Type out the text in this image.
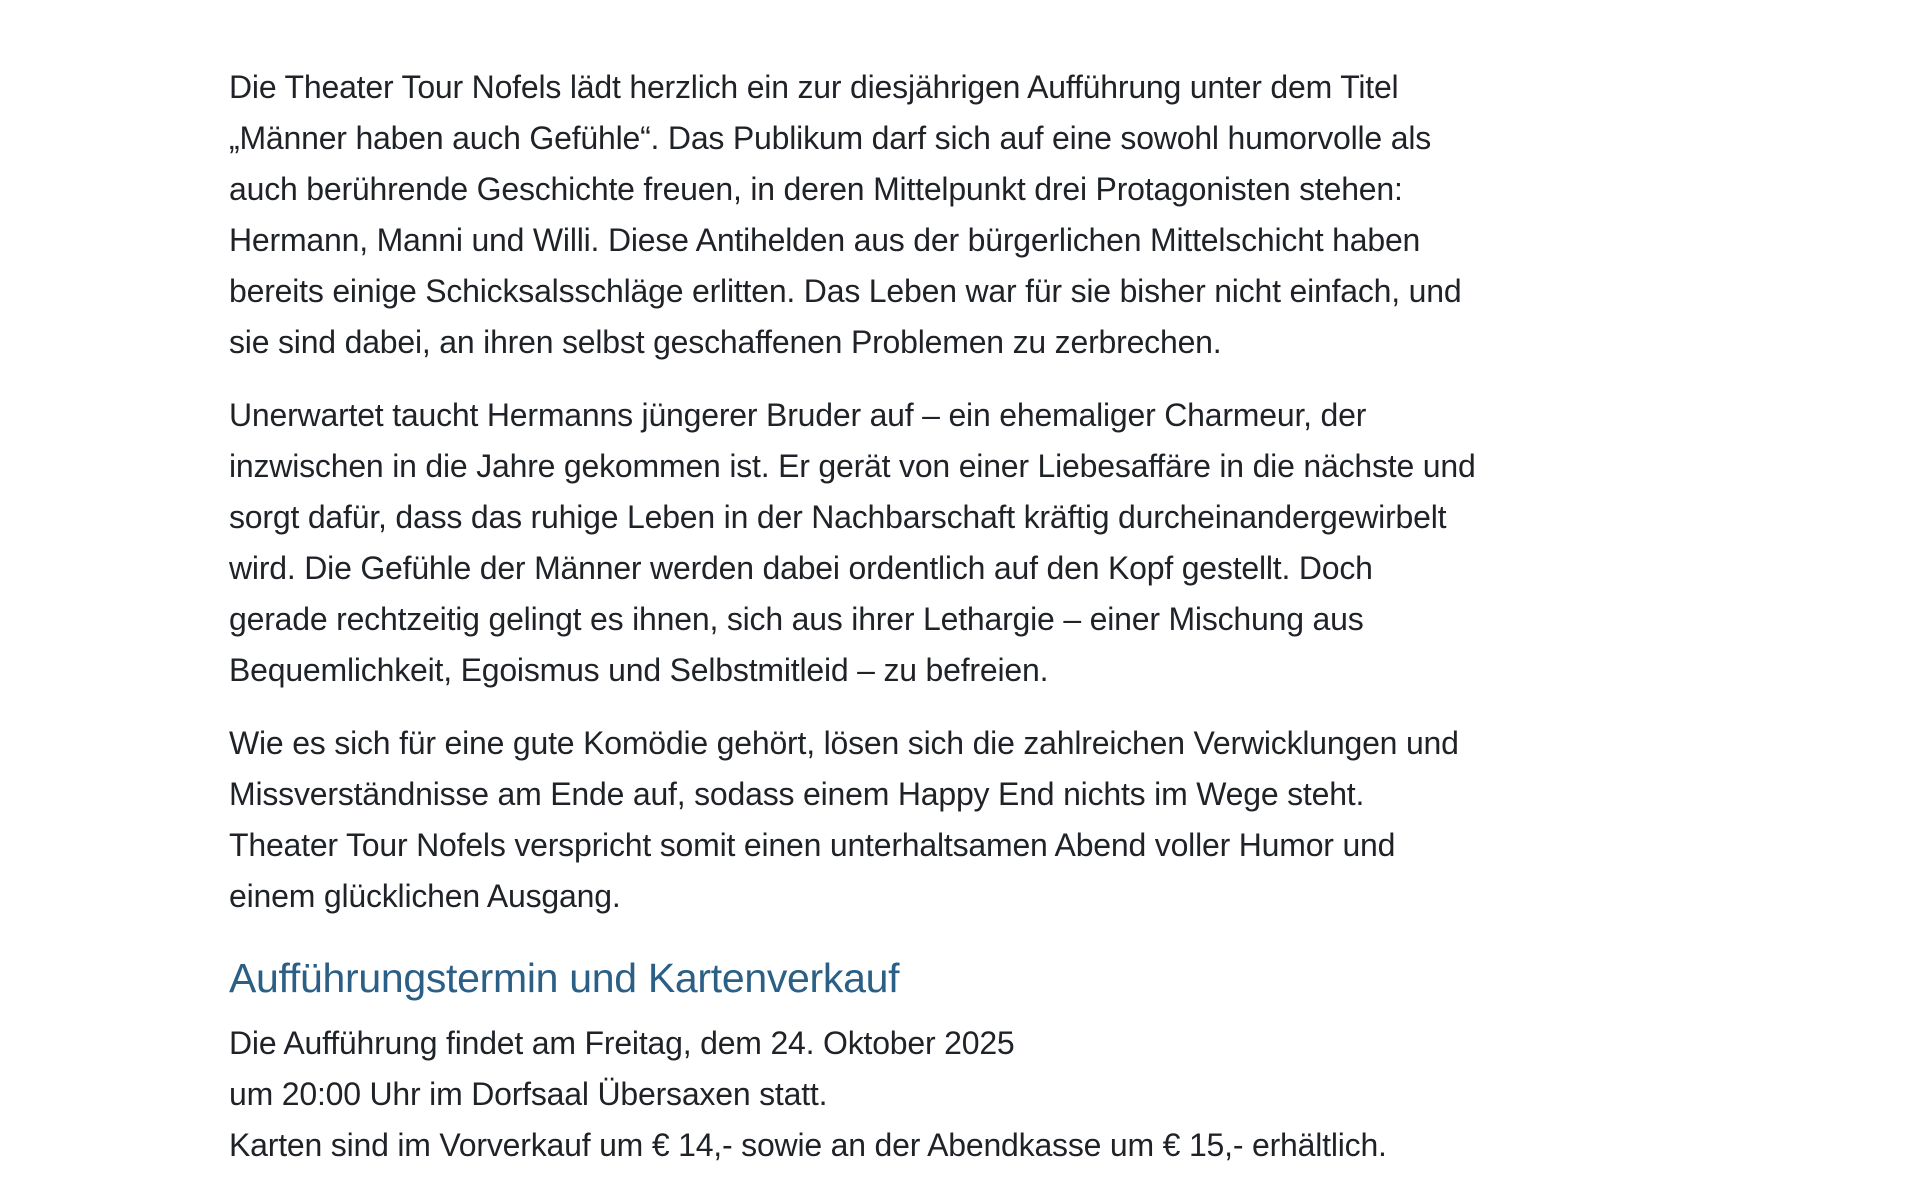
Die Theater Tour Nofels lädt herzlich ein zur diesjährigen Aufführung unter dem Titel
„Männer haben auch Gefühle“. Das Publikum darf sich auf eine sowohl humorvolle als
auch berührende Geschichte freuen, in deren Mittelpunkt drei Protagonisten stehen:
Hermann, Manni und Willi. Diese Antihelden aus der bürgerlichen Mittelschicht haben
bereits einige Schicksalsschläge erlitten. Das Leben war für sie bisher nicht einfach, und
sie sind dabei, an ihren selbst geschaffenen Problemen zu zerbrechen.

Unerwartet taucht Hermanns jüngerer Bruder auf – ein ehemaliger Charmeur, der
inzwischen in die Jahre gekommen ist. Er gerät von einer Liebesaffäre in die nächste und
sorgt dafür, dass das ruhige Leben in der Nachbarschaft kräftig durcheinandergewirbelt
wird. Die Gefühle der Männer werden dabei ordentlich auf den Kopf gestellt. Doch
gerade rechtzeitig gelingt es ihnen, sich aus ihrer Lethargie – einer Mischung aus
Bequemlichkeit, Egoismus und Selbstmitleid – zu befreien.

Wie es sich für eine gute Komödie gehört, lösen sich die zahlreichen Verwicklungen und
Missverständnisse am Ende auf, sodass einem Happy End nichts im Wege steht.
Theater Tour Nofels verspricht somit einen unterhaltsamen Abend voller Humor und
einem glücklichen Ausgang.

Aufführungstermin und Kartenverkauf

Die Aufführung findet am Freitag, dem 24. Oktober 2025
um 20:00 Uhr im Dorfsaal Übersaxen statt.
Karten sind im Vorverkauf um € 14,- sowie an der Abendkasse um € 15,- erhältlich.
